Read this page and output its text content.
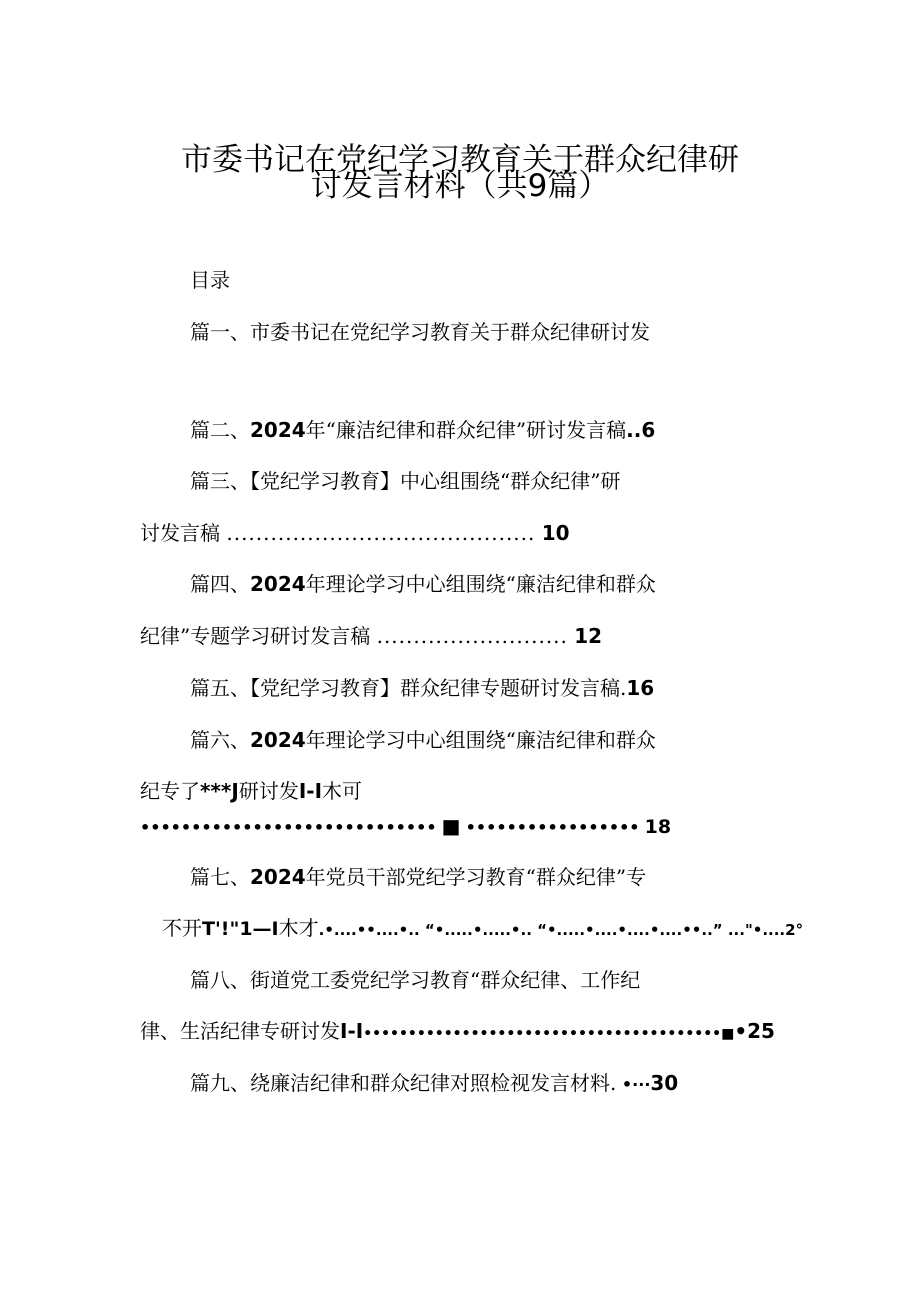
市委书记在党纪学习教育关于群众纪律研
讨发言材料（共9篇）
目录
篇一、市委书记在党纪学习教育关于群众纪律研讨发
篇二、2024年“廉洁纪律和群众纪律”研讨发言稿..6
篇三、【党纪学习教育】中心组围绕“群众纪律”研
讨发言稿 .......................................... 10
篇四、2024年理论学习中心组围绕“廉洁纪律和群众
纪律”专题学习研讨发言稿 .......................... 12
篇五、【党纪学习教育】群众纪律专题研讨发言稿.16
篇六、2024年理论学习中心组围绕“廉洁纪律和群众
纪专了***J研讨发I-I木可
••••••••••••••••••••••••••••• ■ ••••••••••••••••• 18
篇七、2024年党员干部党纪学习教育“群众纪律”专
不开T'!"1—I木才.•....••....•.. “•.....•.....•.. “•.....•....•....•....••..” ..."•....2°
篇八、街道党工委党纪学习教育“群众纪律、工作纪
律、生活纪律专研讨发I-I••••••••••••••••••••••••••••••••••••••••■•25
篇九、绕廉洁纪律和群众纪律对照检视发言材料. •···30
